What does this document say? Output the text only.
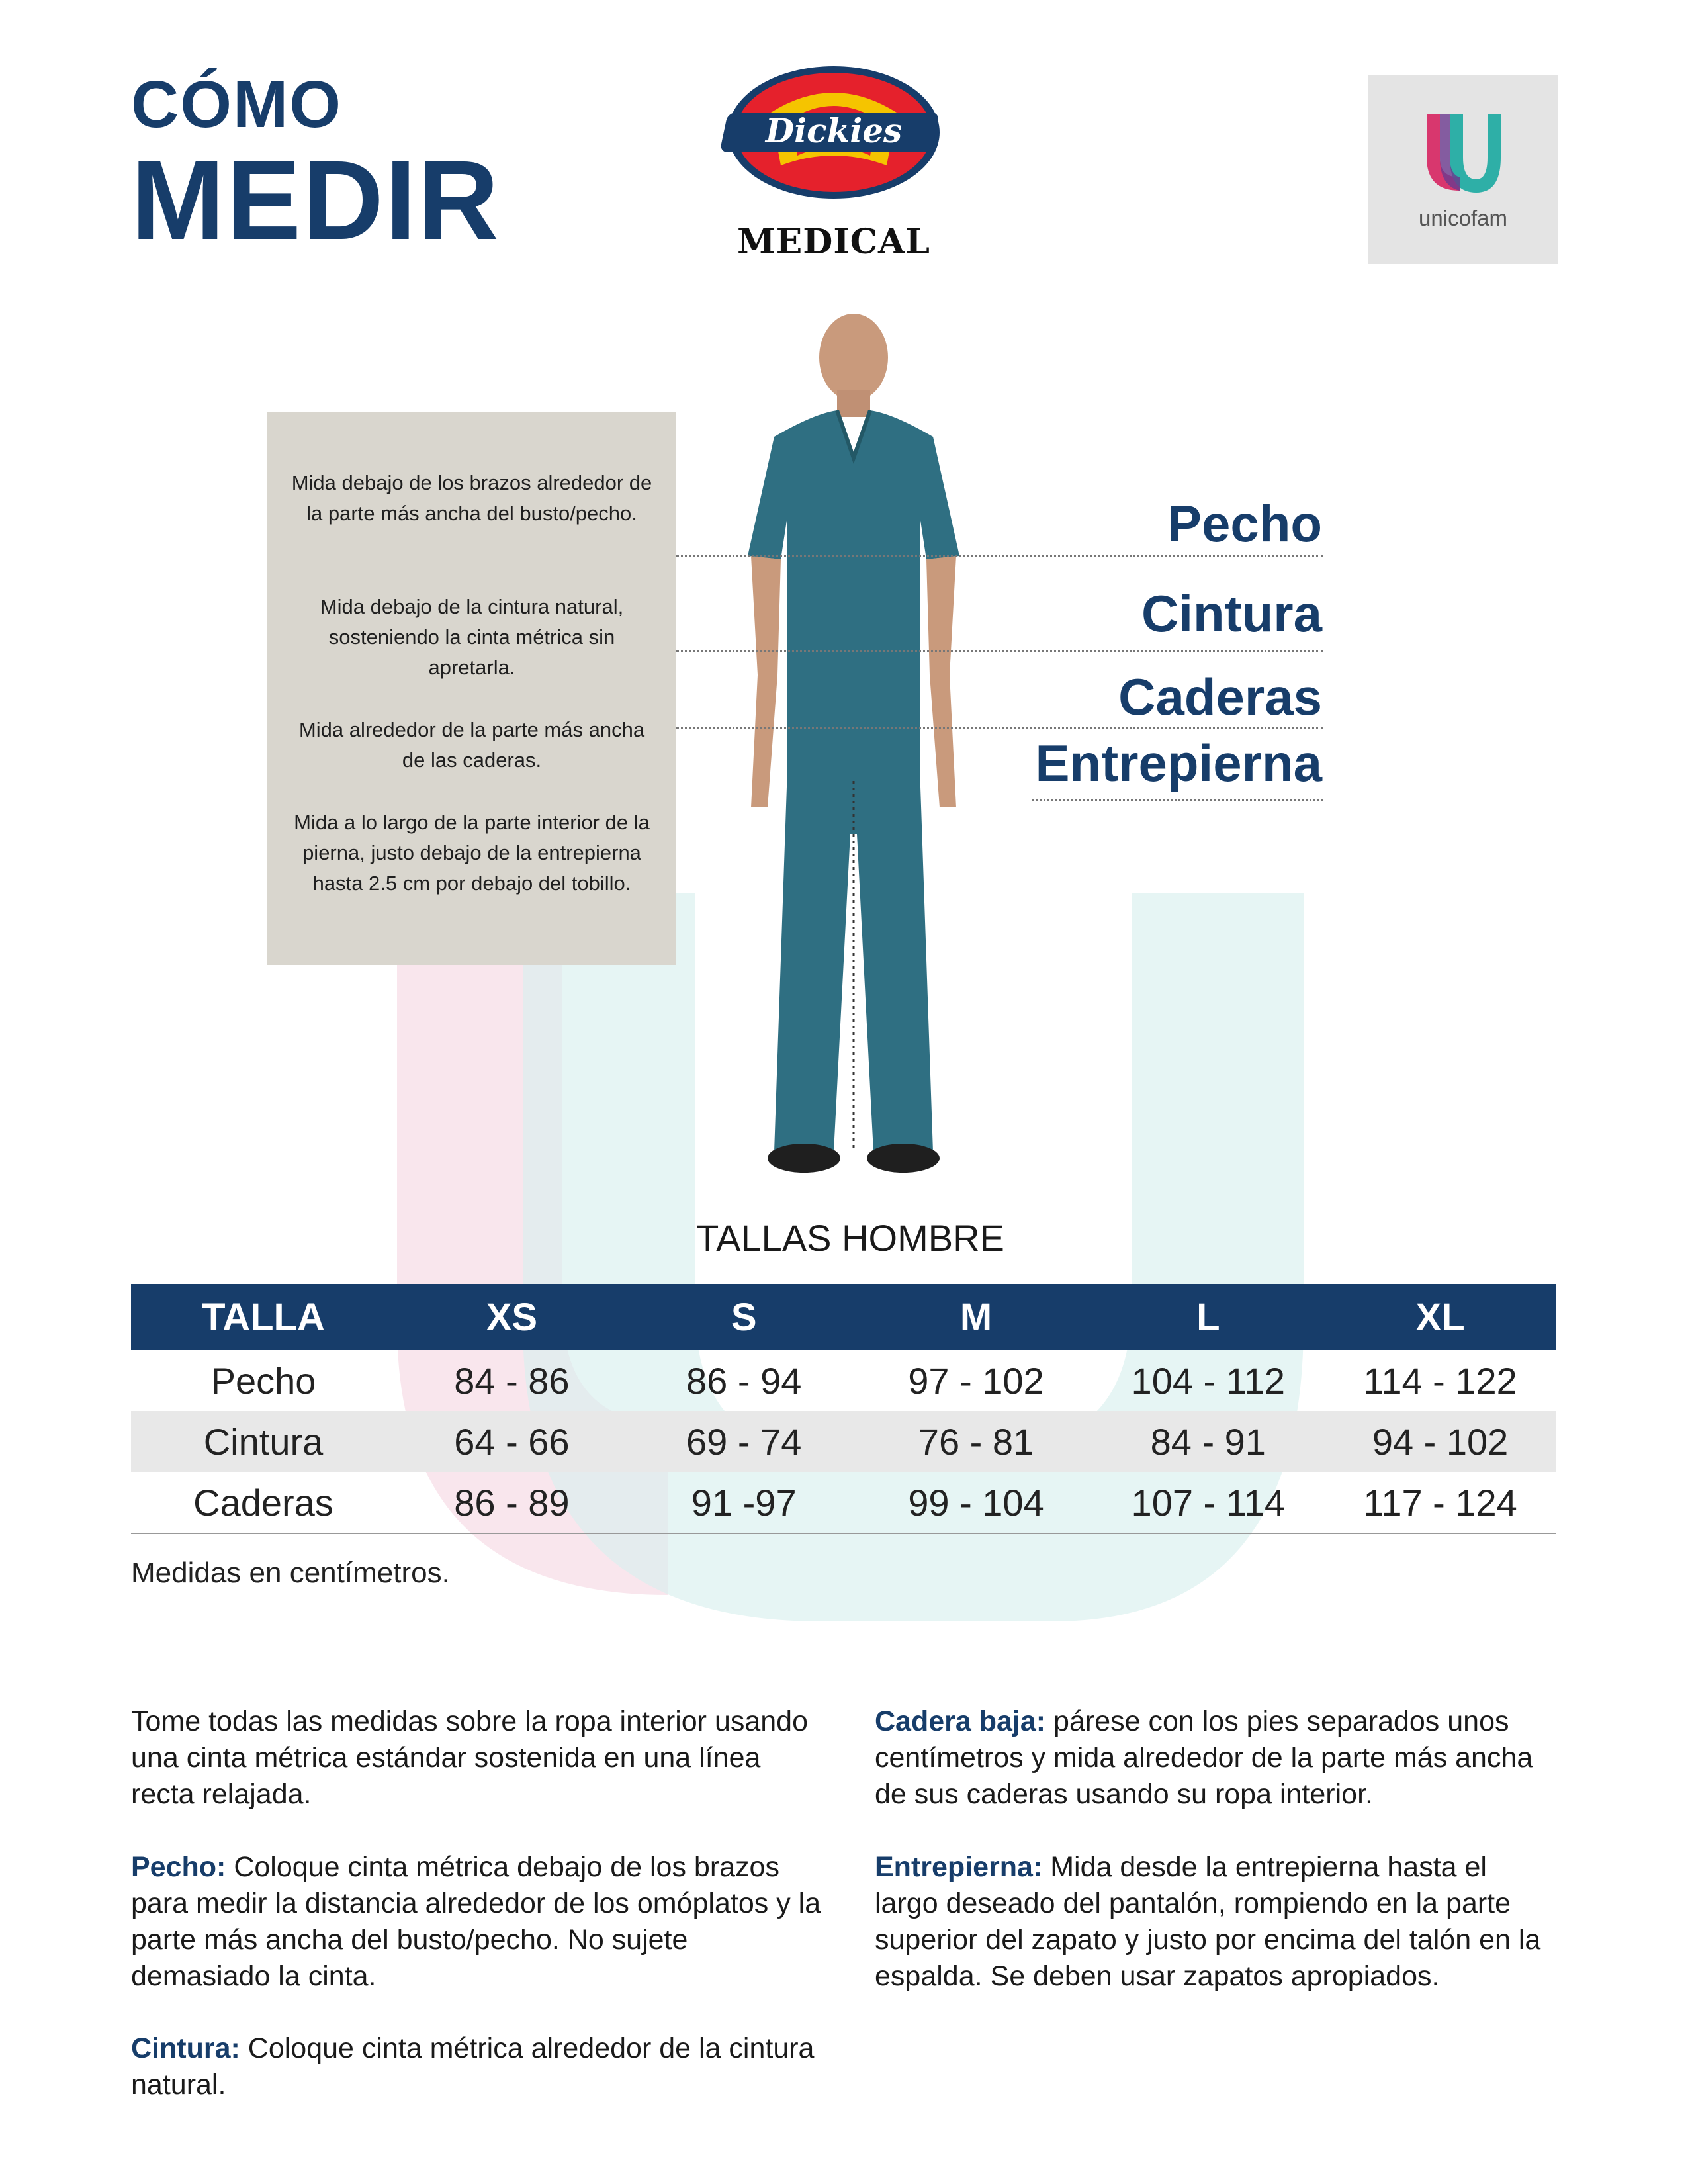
CÓMO
MEDIR
Dickies
MEDICAL
unicofam
Mida debajo de los brazos alrededor de la parte más ancha del busto/pecho.
Mida debajo de la cintura natural, sosteniendo la cinta métrica sin apretarla.
Mida alrededor de la parte más ancha de las caderas.
Mida a lo largo de la parte interior de la pierna, justo debajo de la entrepierna hasta 2.5 cm por debajo del tobillo.
Pecho
Cintura
Caderas
Entrepierna
TALLAS HOMBRE
TALLA	XS	S	M	L	XL
Pecho	84 - 86	86 - 94	97 - 102	104 - 112	114 - 122
Cintura	64 - 66	69 - 74	76 - 81	84 - 91	94 - 102
Caderas	86 - 89	91 -97	99 - 104	107 - 114	117 - 124
Medidas en centímetros.
Tome todas las medidas sobre la ropa interior usando una cinta métrica estándar sostenida en una línea recta relajada.
Pecho: Coloque cinta métrica debajo de los brazos para medir la distancia alrededor de los omóplatos y la parte más ancha del busto/pecho. No sujete demasiado la cinta.
Cintura: Coloque cinta métrica alrededor de la cintura natural.
Cadera baja: párese con los pies separados unos centímetros y mida alrededor de la parte más ancha de sus caderas usando su ropa interior.
Entrepierna: Mida desde la entrepierna hasta el largo deseado del pantalón, rompiendo en la parte superior del zapato y justo por encima del talón en la espalda. Se deben usar zapatos apropiados.
